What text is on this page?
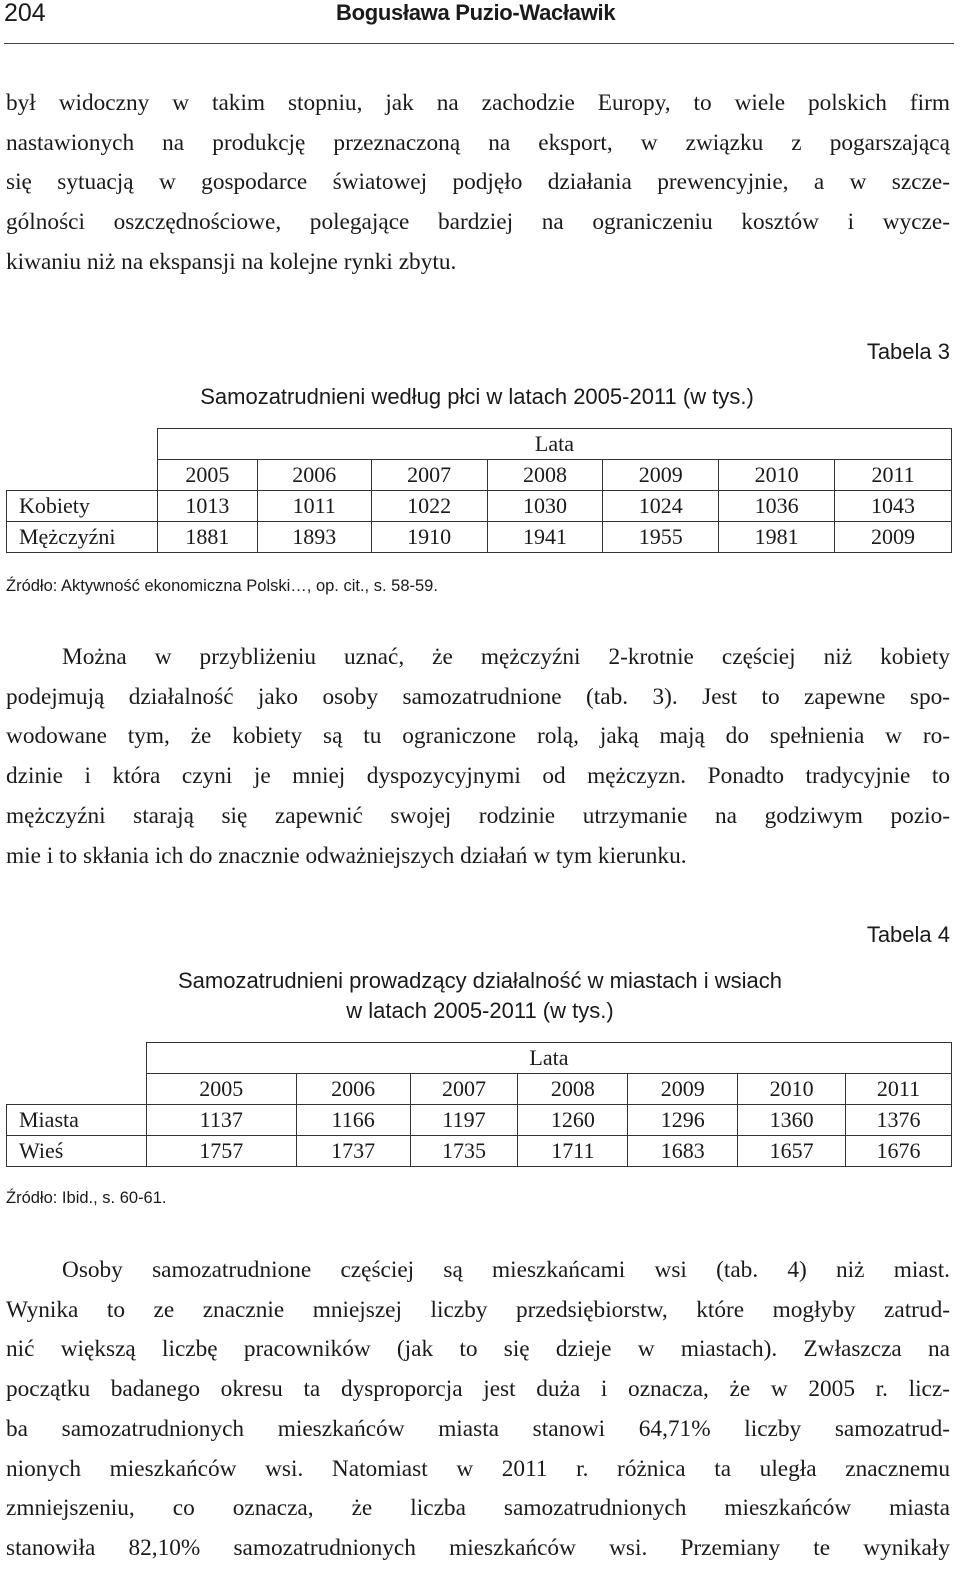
204	Bogusława Puzio-Wacławik

był widoczny w takim stopniu, jak na zachodzie Europy, to wiele polskich firm
nastawionych na produkcję przeznaczoną na eksport, w związku z pogarszającą
się sytuacją w gospodarce światowej podjęło działania prewencyjnie, a w szcze-
gólności oszczędnościowe, polegające bardziej na ograniczeniu kosztów i wycze-
kiwaniu niż na ekspansji na kolejne rynki zbytu.

Tabela 3
Samozatrudnieni według płci w latach 2005-2011 (w tys.)
	Lata						
	2005	2006	2007	2008	2009	2010	2011
Kobiety	1013	1011	1022	1030	1024	1036	1043
Mężczyźni	1881	1893	1910	1941	1955	1981	2009
Źródło: Aktywność ekonomiczna Polski…, op. cit., s. 58-59.

Można w przybliżeniu uznać, że mężczyźni 2-krotnie częściej niż kobiety
podejmują działalność jako osoby samozatrudnione (tab. 3). Jest to zapewne spo-
wodowane tym, że kobiety są tu ograniczone rolą, jaką mają do spełnienia w ro-
dzinie i która czyni je mniej dyspozycyjnymi od mężczyzn. Ponadto tradycyjnie to
mężczyźni starają się zapewnić swojej rodzinie utrzymanie na godziwym pozio-
mie i to skłania ich do znacznie odważniejszych działań w tym kierunku.

Tabela 4
Samozatrudnieni prowadzący działalność w miastach i wsiach
w latach 2005-2011 (w tys.)
	Lata						
	2005	2006	2007	2008	2009	2010	2011
Miasta	1137	1166	1197	1260	1296	1360	1376
Wieś	1757	1737	1735	1711	1683	1657	1676
Źródło: Ibid., s. 60-61.

Osoby samozatrudnione częściej są mieszkańcami wsi (tab. 4) niż miast.
Wynika to ze znacznie mniejszej liczby przedsiębiorstw, które mogłyby zatrud-
nić większą liczbę pracowników (jak to się dzieje w miastach). Zwłaszcza na
początku badanego okresu ta dysproporcja jest duża i oznacza, że w 2005 r. licz-
ba samozatrudnionych mieszkańców miasta stanowi 64,71% liczby samozatrud-
nionych mieszkańców wsi. Natomiast w 2011 r. różnica ta uległa znacznemu
zmniejszeniu, co oznacza, że liczba samozatrudnionych mieszkańców miasta
stanowiła 82,10% samozatrudnionych mieszkańców wsi. Przemiany te wynikały
